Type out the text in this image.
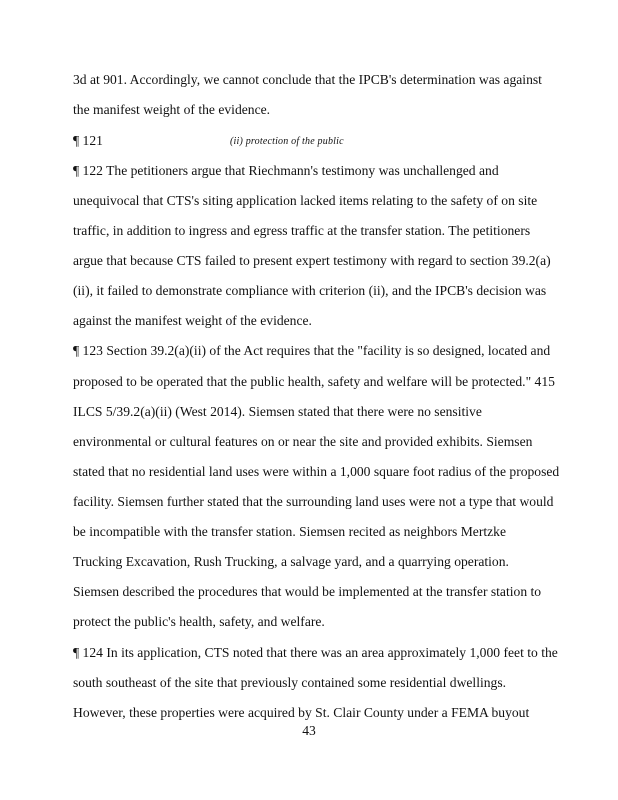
3d at 901. Accordingly, we cannot conclude that the IPCB's determination was against
the manifest weight of the evidence.
¶ 121	(ii) protection of the public
¶ 122 The petitioners argue that Riechmann's testimony was unchallenged and
unequivocal that CTS's siting application lacked items relating to the safety of on site
traffic, in addition to ingress and egress traffic at the transfer station. The petitioners
argue that because CTS failed to present expert testimony with regard to section 39.2(a)
(ii), it failed to demonstrate compliance with criterion (ii), and the IPCB's decision was
against the manifest weight of the evidence.
¶ 123 Section 39.2(a)(ii) of the Act requires that the "facility is so designed, located and
proposed to be operated that the public health, safety and welfare will be protected." 415
ILCS 5/39.2(a)(ii) (West 2014). Siemsen stated that there were no sensitive
environmental or cultural features on or near the site and provided exhibits. Siemsen
stated that no residential land uses were within a 1,000 square foot radius of the proposed
facility. Siemsen further stated that the surrounding land uses were not a type that would
be incompatible with the transfer station. Siemsen recited as neighbors Mertzke
Trucking Excavation, Rush Trucking, a salvage yard, and a quarrying operation.
Siemsen described the procedures that would be implemented at the transfer station to
protect the public's health, safety, and welfare.
¶ 124 In its application, CTS noted that there was an area approximately 1,000 feet to the
south southeast of the site that previously contained some residential dwellings.
However, these properties were acquired by St. Clair County under a FEMA buyout
43
